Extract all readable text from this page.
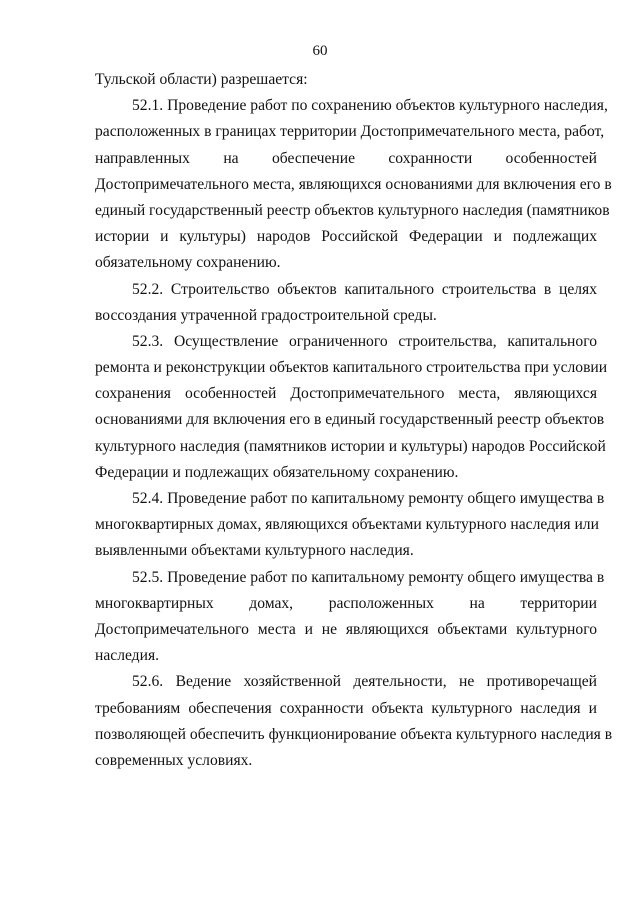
60
Тульской области) разрешается:
52.1. Проведение работ по сохранению объектов культурного наследия,
расположенных в границах территории Достопримечательного места, работ,
направленных на обеспечение сохранности особенностей
Достопримечательного места, являющихся основаниями для включения его в
единый государственный реестр объектов культурного наследия (памятников
истории и культуры) народов Российской Федерации и подлежащих
обязательному сохранению.
52.2. Строительство объектов капитального строительства в целях
воссоздания утраченной градостроительной среды.
52.3. Осуществление ограниченного строительства, капитального
ремонта и реконструкции объектов капитального строительства при условии
сохранения особенностей Достопримечательного места, являющихся
основаниями для включения его в единый государственный реестр объектов
культурного наследия (памятников истории и культуры) народов Российской
Федерации и подлежащих обязательному сохранению.
52.4. Проведение работ по капитальному ремонту общего имущества в
многоквартирных домах, являющихся объектами культурного наследия или
выявленными объектами культурного наследия.
52.5. Проведение работ по капитальному ремонту общего имущества в
многоквартирных домах, расположенных на территории
Достопримечательного места и не являющихся объектами культурного
наследия.
52.6. Ведение хозяйственной деятельности, не противоречащей
требованиям обеспечения сохранности объекта культурного наследия и
позволяющей обеспечить функционирование объекта культурного наследия в
современных условиях.
